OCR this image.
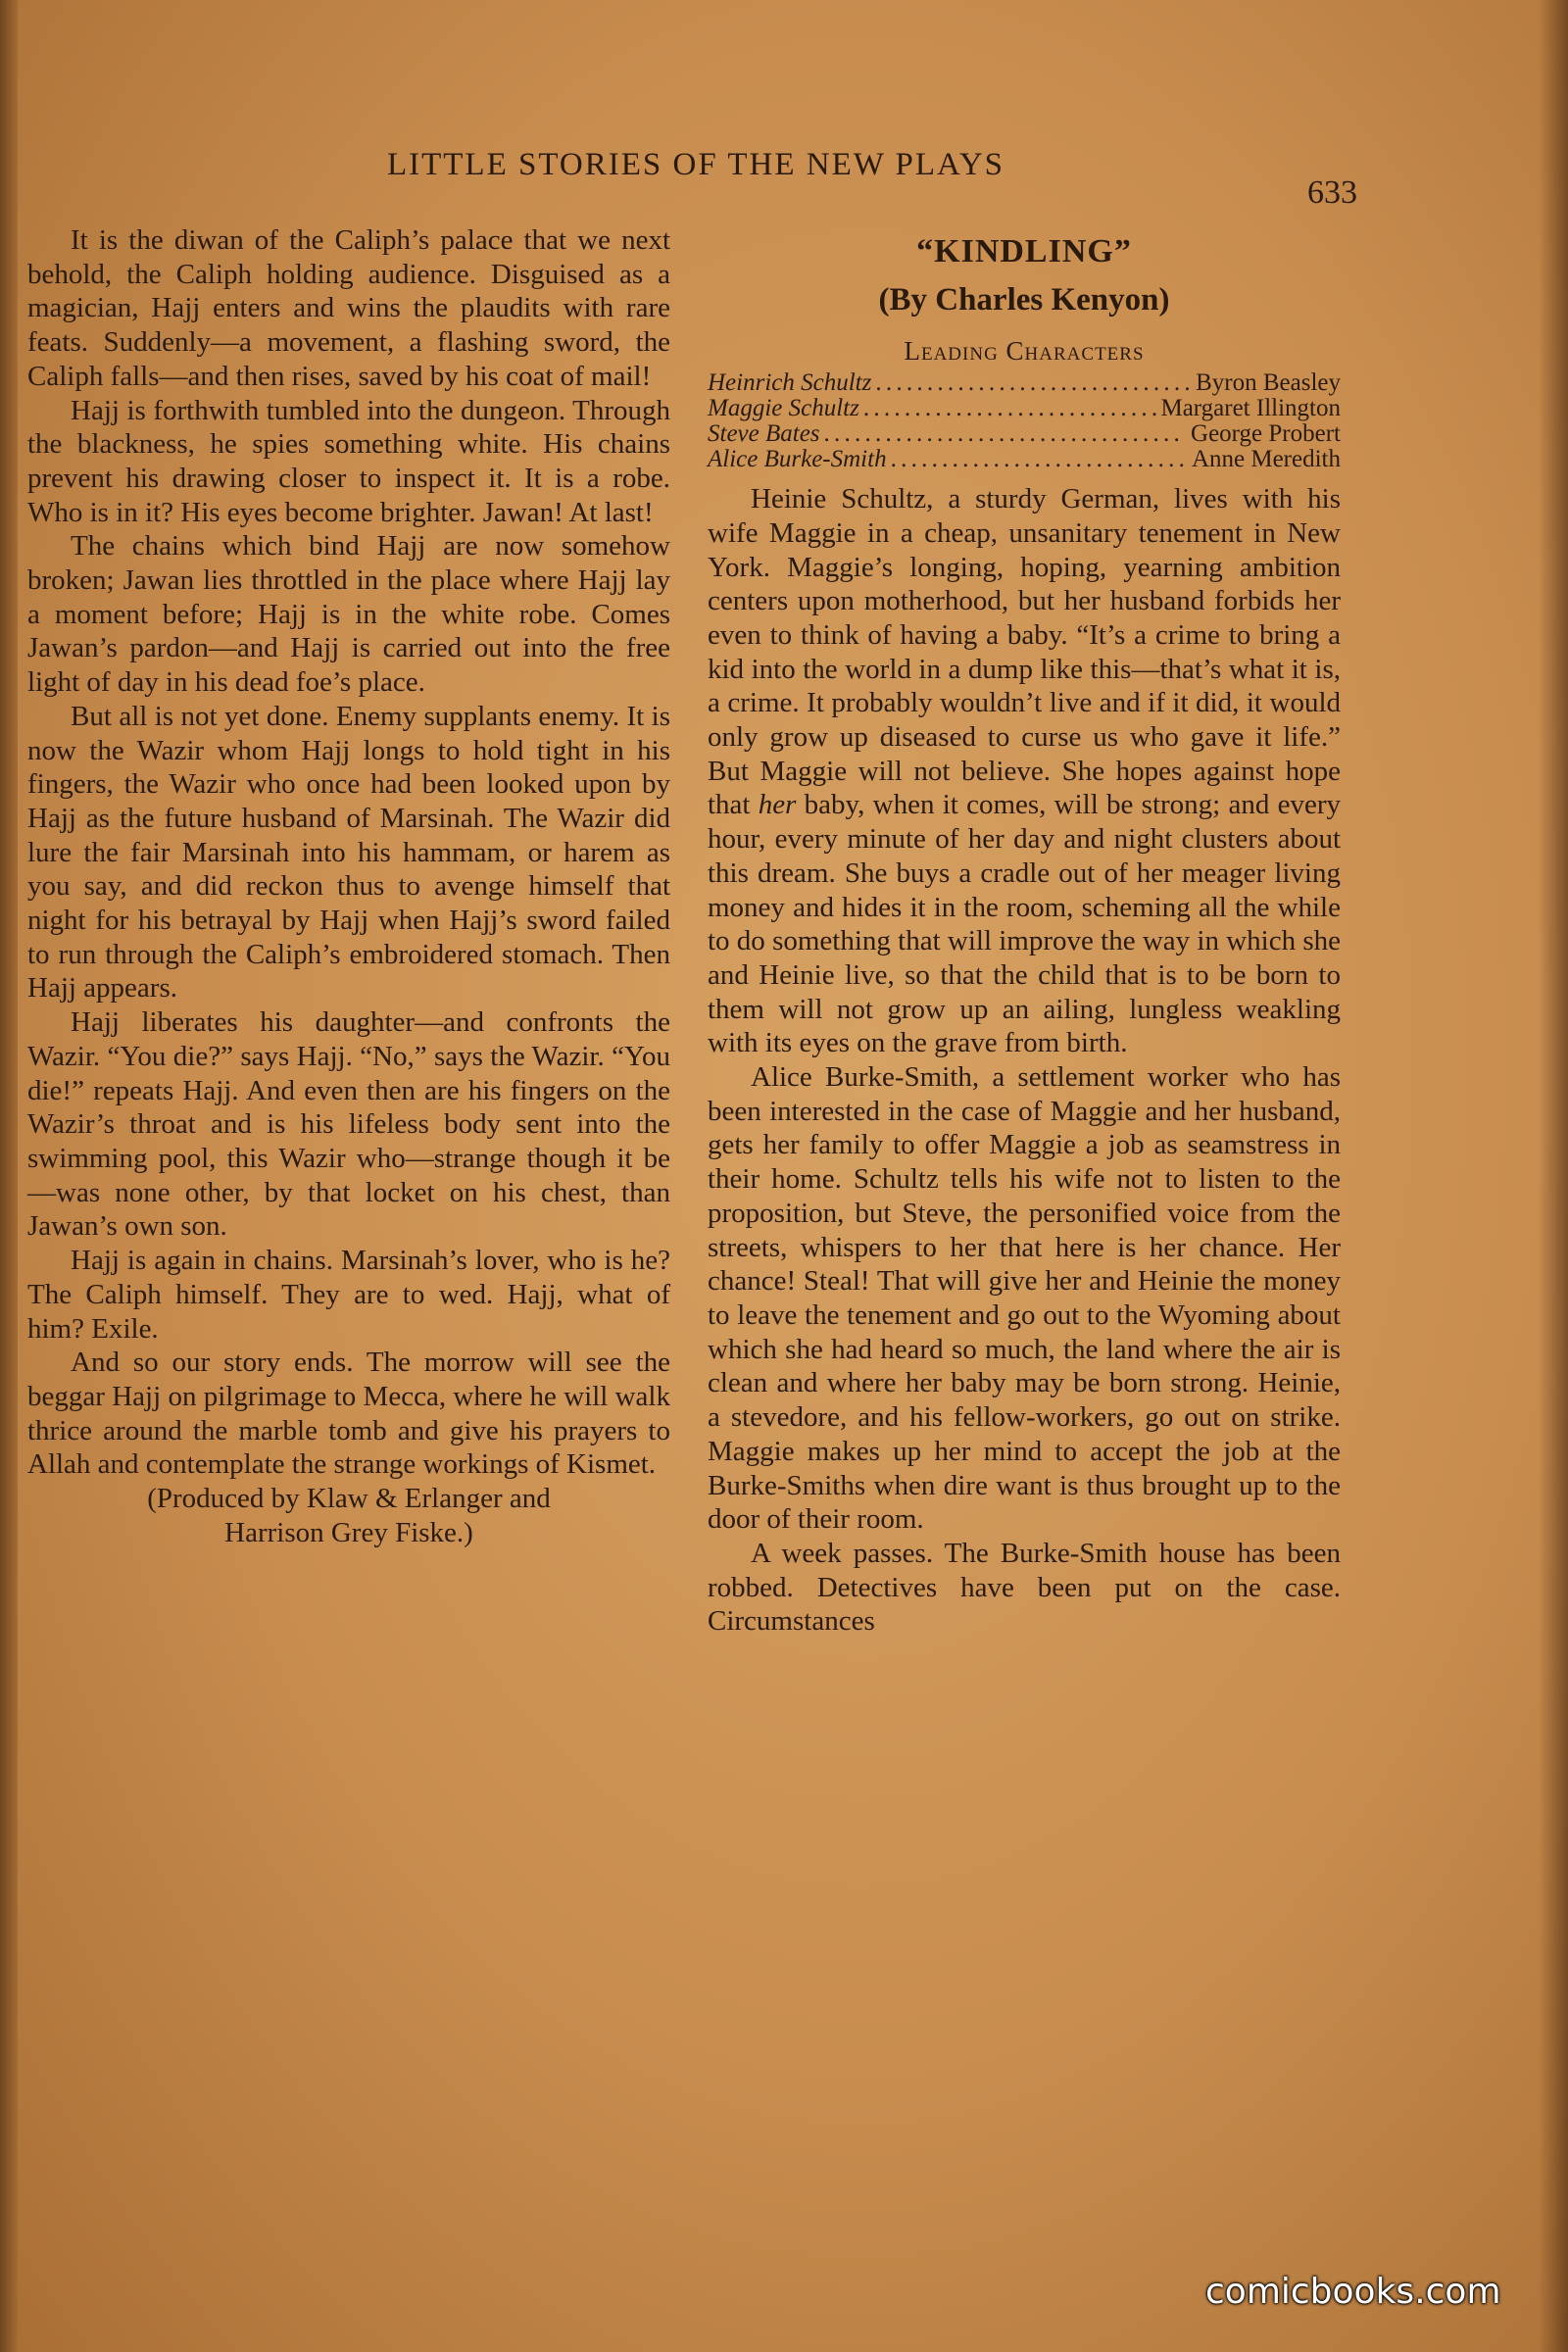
LITTLE STORIES OF THE NEW PLAYS
633

It is the diwan of the Caliph’s palace that we next behold, the Caliph holding audience. Disguised as a magician, Hajj enters and wins the plaudits with rare feats. Suddenly—a movement, a flashing sword, the Caliph falls—and then rises, saved by his coat of mail!

Hajj is forthwith tumbled into the dungeon. Through the blackness, he spies something white. His chains prevent his drawing closer to inspect it. It is a robe. Who is in it? His eyes become brighter. Jawan! At last!

The chains which bind Hajj are now somehow broken; Jawan lies throttled in the place where Hajj lay a moment before; Hajj is in the white robe. Comes Jawan’s pardon—and Hajj is carried out into the free light of day in his dead foe’s place.

But all is not yet done. Enemy supplants enemy. It is now the Wazir whom Hajj longs to hold tight in his fingers, the Wazir who once had been looked upon by Hajj as the future husband of Marsinah. The Wazir did lure the fair Marsinah into his hammam, or harem as you say, and did reckon thus to avenge himself that night for his betrayal by Hajj when Hajj’s sword failed to run through the Caliph’s embroidered stomach. Then Hajj appears.

Hajj liberates his daughter—and confronts the Wazir. “You die?” says Hajj. “No,” says the Wazir. “You die!” repeats Hajj. And even then are his fingers on the Wazir’s throat and is his lifeless body sent into the swimming pool, this Wazir who—strange though it be—was none other, by that locket on his chest, than Jawan’s own son.

Hajj is again in chains. Marsinah’s lover, who is he? The Caliph himself. They are to wed. Hajj, what of him? Exile.

And so our story ends. The morrow will see the beggar Hajj on pilgrimage to Mecca, where he will walk thrice around the marble tomb and give his prayers to Allah and contemplate the strange workings of Kismet.

(Produced by Klaw & Erlanger and

Harrison Grey Fiske.)

“KINDLING”

(By Charles Kenyon)

Leading Characters

Heinrich Schultz . . .	Byron Beasley
Maggie Schultz . . .	Margaret Illington
Steve Bates . . .	George Probert
Alice Burke-Smith . . .	Anne Meredith

Heinie Schultz, a sturdy German, lives with his wife Maggie in a cheap, unsanitary tenement in New York. Maggie’s longing, hoping, yearning ambition centers upon motherhood, but her husband forbids her even to think of having a baby. “It’s a crime to bring a kid into the world in a dump like this—that’s what it is, a crime. It probably wouldn’t live and if it did, it would only grow up diseased to curse us who gave it life.” But Maggie will not believe. She hopes against hope that her baby, when it comes, will be strong; and every hour, every minute of her day and night clusters about this dream. She buys a cradle out of her meager living money and hides it in the room, scheming all the while to do something that will improve the way in which she and Heinie live, so that the child that is to be born to them will not grow up an ailing, lungless weakling with its eyes on the grave from birth.

Alice Burke-Smith, a settlement worker who has been interested in the case of Maggie and her husband, gets her family to offer Maggie a job as seamstress in their home. Schultz tells his wife not to listen to the proposition, but Steve, the personified voice from the streets, whispers to her that here is her chance. Her chance! Steal! That will give her and Heinie the money to leave the tenement and go out to the Wyoming about which she had heard so much, the land where the air is clean and where her baby may be born strong. Heinie, a stevedore, and his fellow-workers, go out on strike. Maggie makes up her mind to accept the job at the Burke-Smiths when dire want is thus brought up to the door of their room.

A week passes. The Burke-Smith house has been robbed. Detectives have been put on the case. Circumstances

comicbooks.com
